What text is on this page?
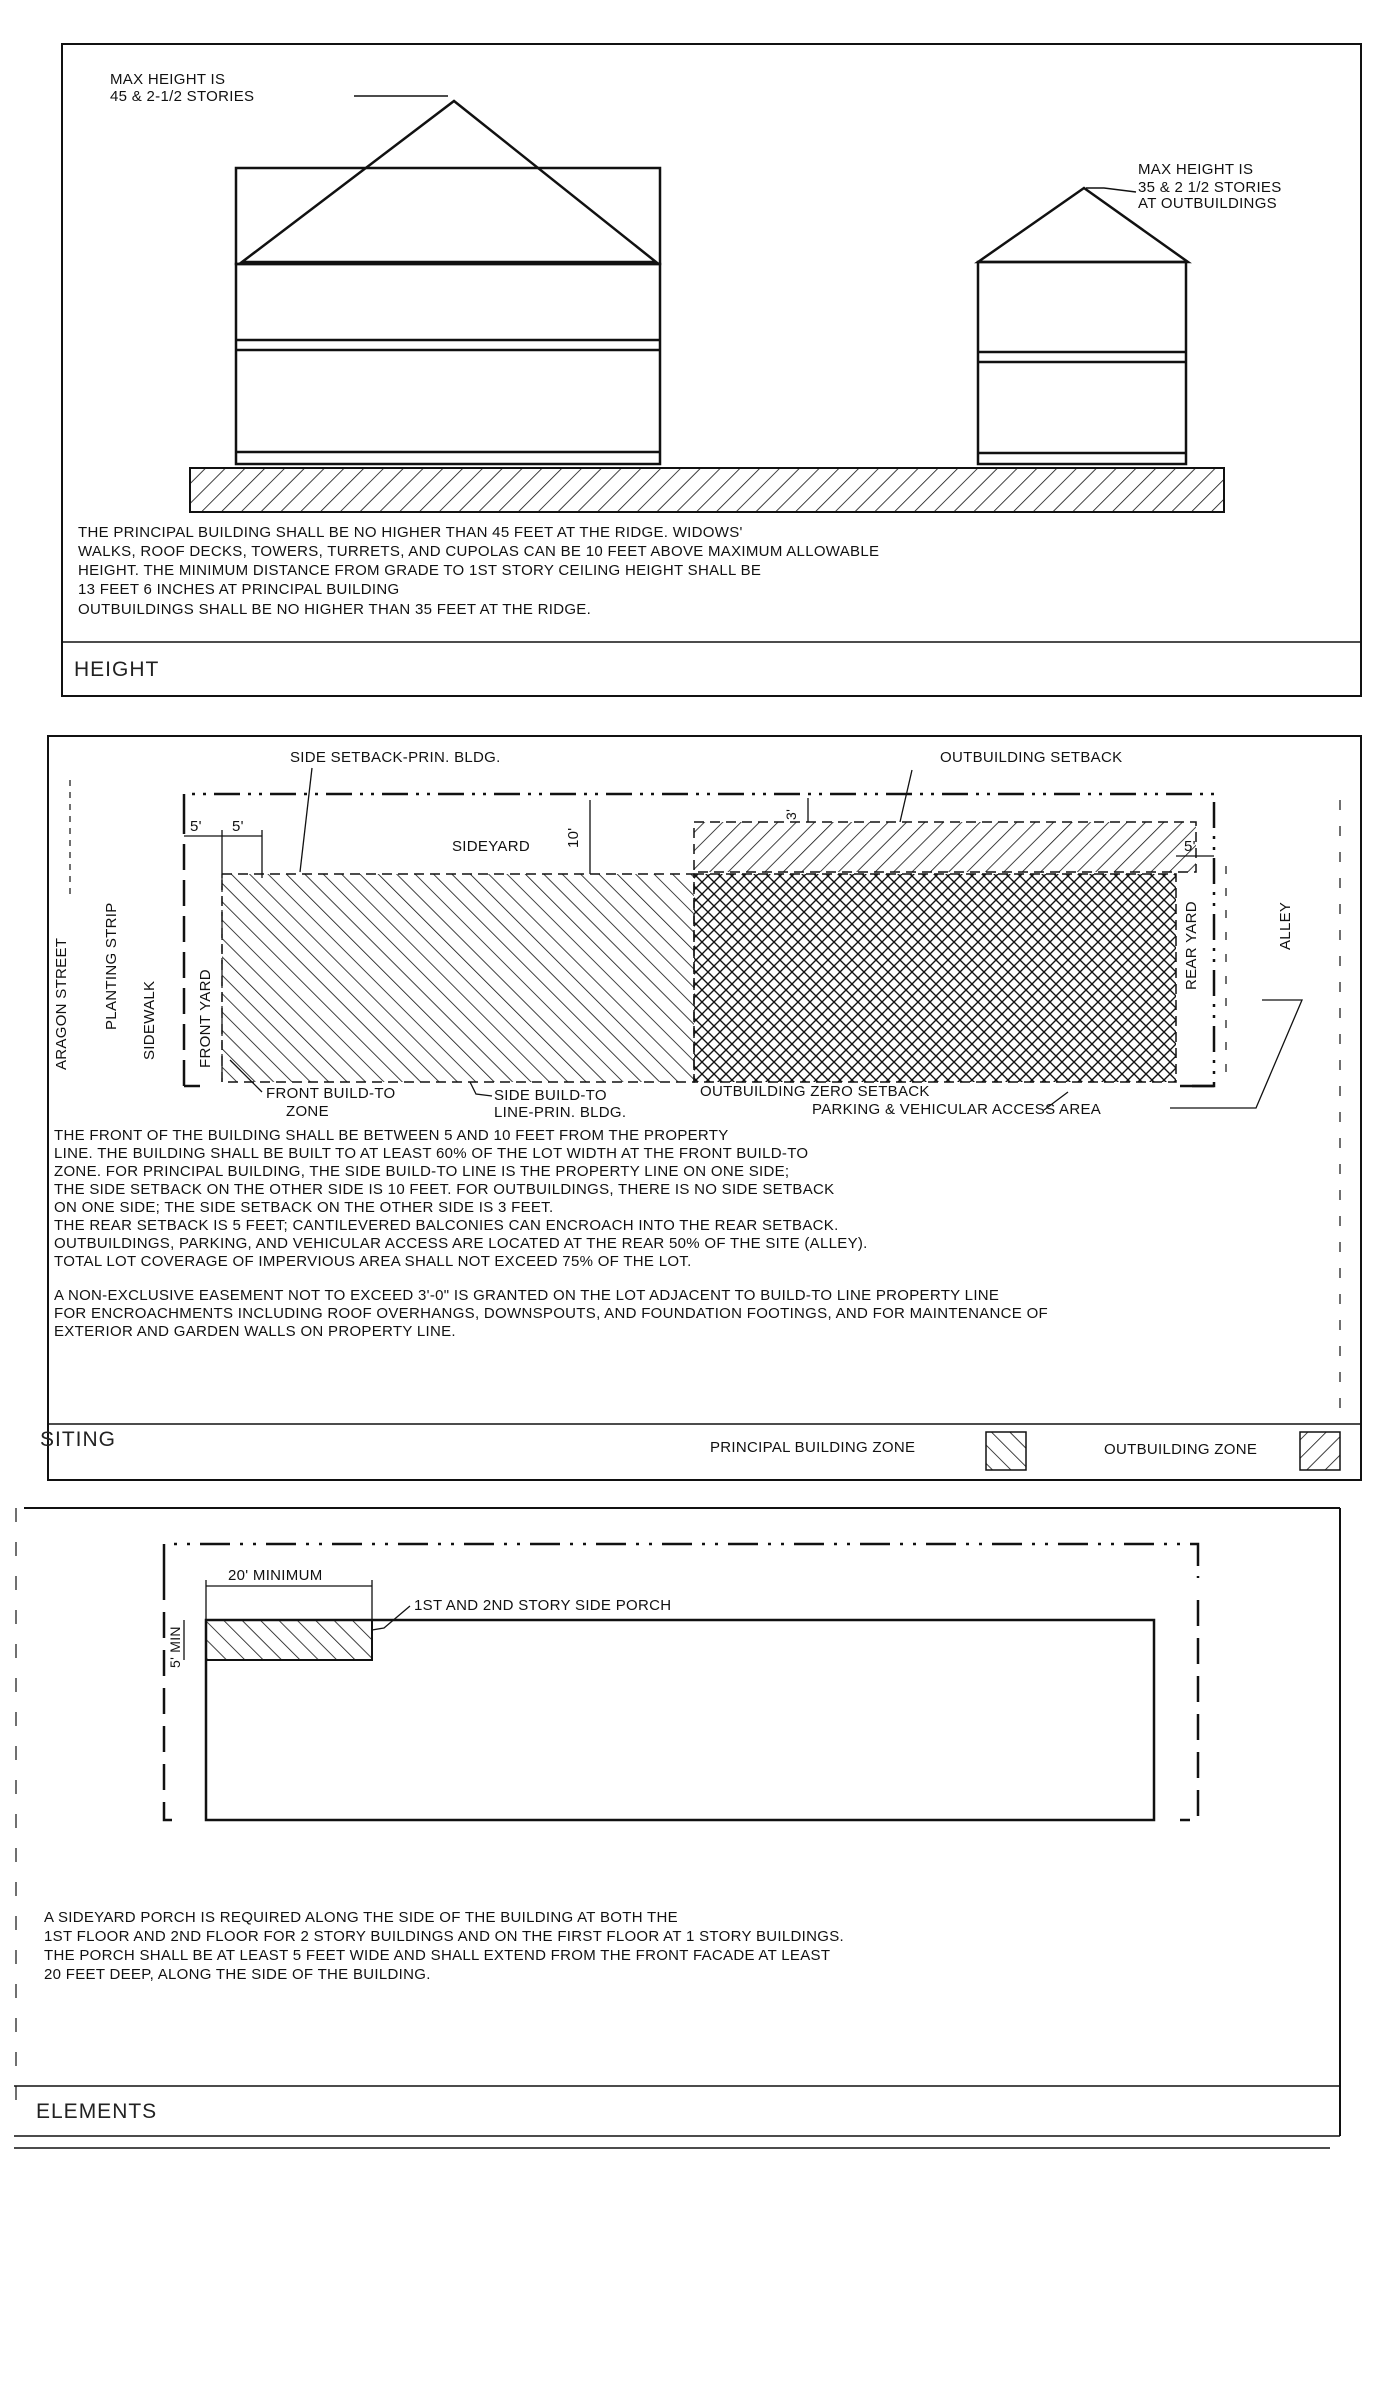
MAX HEIGHT IS
45 & 2-1/2 STORIES
MAX HEIGHT IS
35 & 2 1/2 STORIES
AT OUTBUILDINGS
THE PRINCIPAL BUILDING SHALL BE NO HIGHER THAN 45 FEET AT THE RIDGE. WIDOWS'
WALKS, ROOF DECKS, TOWERS, TURRETS, AND CUPOLAS CAN BE 10 FEET ABOVE MAXIMUM ALLOWABLE
HEIGHT. THE MINIMUM DISTANCE FROM GRADE TO 1ST STORY CEILING HEIGHT SHALL BE
13 FEET 6 INCHES AT PRINCIPAL BUILDING
OUTBUILDINGS SHALL BE NO HIGHER THAN 35 FEET AT THE RIDGE.
HEIGHT
5' 5'
10'
3'
5'
SIDEYARD
SIDE SETBACK-PRIN. BLDG.	OUTBUILDING SETBACK
ARAGON STREET PLANTING STRIP SIDEWALK	FRONT YARD
REAR YARD	ALLEY
FRONT BUILD-TO
ZONE
SIDE BUILD-TO
LINE-PRIN. BLDG.
OUTBUILDING ZERO SETBACK
PARKING & VEHICULAR ACCESS AREA
THE FRONT OF THE BUILDING SHALL BE BETWEEN 5 AND 10 FEET FROM THE PROPERTY
LINE. THE BUILDING SHALL BE BUILT TO AT LEAST 60% OF THE LOT WIDTH AT THE FRONT BUILD-TO
ZONE. FOR PRINCIPAL BUILDING, THE SIDE BUILD-TO LINE IS THE PROPERTY LINE ON ONE SIDE;
THE SIDE SETBACK ON THE OTHER SIDE IS 10 FEET. FOR OUTBUILDINGS, THERE IS NO SIDE SETBACK
ON ONE SIDE; THE SIDE SETBACK ON THE OTHER SIDE IS 3 FEET.
THE REAR SETBACK IS 5 FEET; CANTILEVERED BALCONIES CAN ENCROACH INTO THE REAR SETBACK.
OUTBUILDINGS, PARKING, AND VEHICULAR ACCESS ARE LOCATED AT THE REAR 50% OF THE SITE (ALLEY).
TOTAL LOT COVERAGE OF IMPERVIOUS AREA SHALL NOT EXCEED 75% OF THE LOT.
A NON-EXCLUSIVE EASEMENT NOT TO EXCEED 3'-0" IS GRANTED ON THE LOT ADJACENT TO BUILD-TO LINE PROPERTY LINE
FOR ENCROACHMENTS INCLUDING ROOF OVERHANGS, DOWNSPOUTS, AND FOUNDATION FOOTINGS, AND FOR MAINTENANCE OF
EXTERIOR AND GARDEN WALLS ON PROPERTY LINE.
SITING	PRINCIPAL BUILDING ZONE	OUTBUILDING ZONE
20' MINIMUM
5' MIN
1ST AND 2ND STORY SIDE PORCH
A SIDEYARD PORCH IS REQUIRED ALONG THE SIDE OF THE BUILDING AT BOTH THE
1ST FLOOR AND 2ND FLOOR FOR 2 STORY BUILDINGS AND ON THE FIRST FLOOR AT 1 STORY BUILDINGS.
THE PORCH SHALL BE AT LEAST 5 FEET WIDE AND SHALL EXTEND FROM THE FRONT FACADE AT LEAST
20 FEET DEEP, ALONG THE SIDE OF THE BUILDING.
ELEMENTS
